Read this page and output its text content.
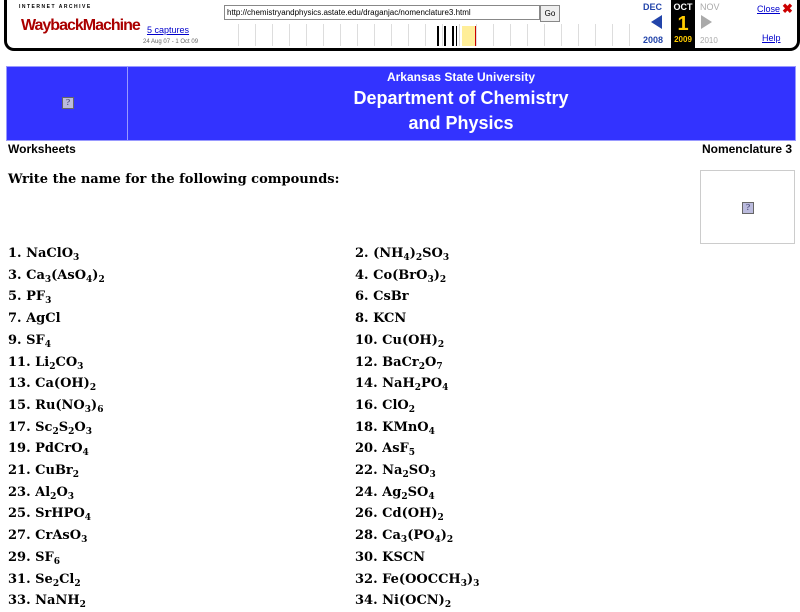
INTERNET ARCHIVE
WaybackMachine
http://chemistryandphysics.astate.edu/draganjac/nomenclature3.html	Go
5 captures
24 Aug 07 - 1 Oct 09
DEC
2008
OCT
1
2009
NOV
2010
Close ✖
Help
?
Arkansas State University
Department of Chemistry
and Physics
Worksheets	Nomenclature 3
Write the name for the following compounds:
?
1. NaClO$_3$	2. $(NH_4)_2SO_3$
3. $Ca_3(AsO_4)_2$	4. $Co(BrO_3)_2$
5. $PF_3$	6. CsBr
7. AgCl	8. KCN
9. $SF_4$	10. $Cu(OH)_2$
11. $Li_2CO_3$	12. $BaCr_2O_7$
13. $Ca(OH)_2$	14. $NaH_2PO_4$
15. $Ru(NO_3)_6$	16. ClO$_2$
17. $Sc_2S_2O_3$	18. KMnO$_4$
19. PdCrO$_4$	20. AsF$_5$
21. CuBr$_2$	22. $Na_2SO_3$
23. $Al_2O_3$	24. $Ag_2SO_4$
25. SrHPO$_4$	26. $Cd(OH)_2$
27. CrAsO$_3$	28. $Ca_3(PO_4)_2$
29. $SF_6$	30. KSCN
31. $Se_2Cl_2$	32. $Fe(OOCCH_3)_3$
33. NaNH$_2$	34. $Ni(OCN)_2$
